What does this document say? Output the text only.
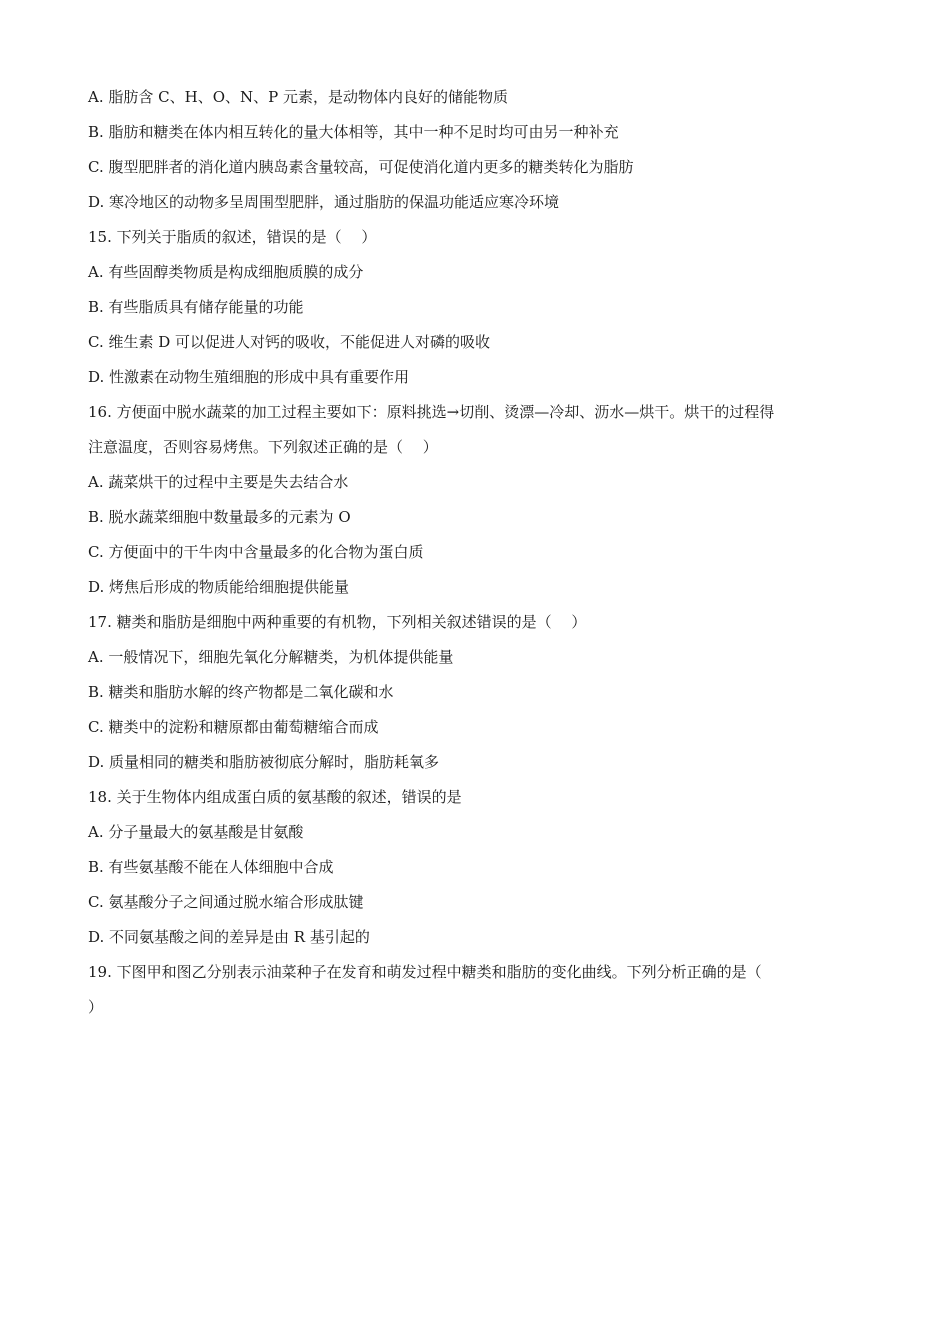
A. 脂肪含 C、H、O、N、P 元素，是动物体内良好的储能物质

B. 脂肪和糖类在体内相互转化的量大体相等，其中一种不足时均可由另一种补充

C. 腹型肥胖者的消化道内胰岛素含量较高，可促使消化道内更多的糖类转化为脂肪

D. 寒冷地区的动物多呈周围型肥胖，通过脂肪的保温功能适应寒冷环境

15. 下列关于脂质的叙述，错误的是（　 ）

A. 有些固醇类物质是构成细胞质膜的成分

B. 有些脂质具有储存能量的功能

C. 维生素 D 可以促进人对钙的吸收，不能促进人对磷的吸收

D. 性激素在动物生殖细胞的形成中具有重要作用

16. 方便面中脱水蔬菜的加工过程主要如下：原料挑选→切削、烫漂—冷却、沥水—烘干。烘干的过程得

注意温度，否则容易烤焦。下列叙述正确的是（　 ）

A. 蔬菜烘干的过程中主要是失去结合水

B. 脱水蔬菜细胞中数量最多的元素为 O

C. 方便面中的干牛肉中含量最多的化合物为蛋白质

D. 烤焦后形成的物质能给细胞提供能量

17. 糖类和脂肪是细胞中两种重要的有机物，下列相关叙述错误的是（　 ）

A. 一般情况下，细胞先氧化分解糖类，为机体提供能量

B. 糖类和脂肪水解的终产物都是二氧化碳和水

C. 糖类中的淀粉和糖原都由葡萄糖缩合而成

D. 质量相同的糖类和脂肪被彻底分解时，脂肪耗氧多

18. 关于生物体内组成蛋白质的氨基酸的叙述，错误的是

A. 分子量最大的氨基酸是甘氨酸

B. 有些氨基酸不能在人体细胞中合成

C. 氨基酸分子之间通过脱水缩合形成肽键

D. 不同氨基酸之间的差异是由 R 基引起的

19. 下图甲和图乙分别表示油菜种子在发育和萌发过程中糖类和脂肪的变化曲线。下列分析正确的是（

）
